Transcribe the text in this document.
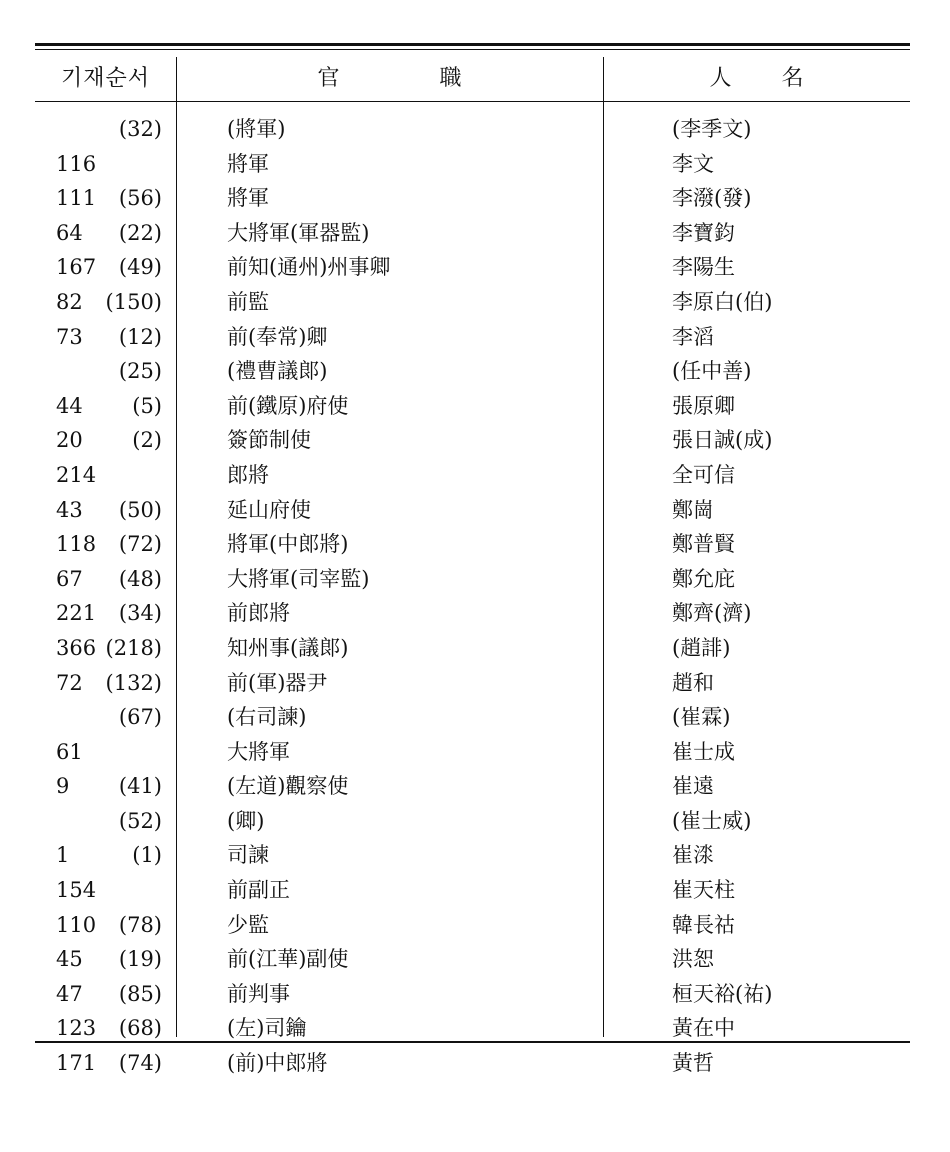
기재순서	官職	人名
(32)	(將軍)	(李季文)
116	將軍	李文
111	(56)	將軍	李潑(發)
64	(22)	大將軍(軍器監)	李寶鈞
167	(49)	前知(通州)州事卿	李陽生
82	(150)	前監	李原白(伯)
73	(12)	前(奉常)卿	李滔
(25)	(禮曹議郞)	(任中善)
44	(5)	前(鐵原)府使	張原卿
20	(2)	簽節制使	張日誠(成)
214	郎將	全可信
43	(50)	延山府使	鄭崗
118	(72)	將軍(中郎將)	鄭普賢
67	(48)	大將軍(司宰監)	鄭允庇
221	(34)	前郎將	鄭齊(濟)
366 (218)	知州事(議郞)	(趙誹)
72	(132)	前(軍)器尹	趙和
(67)	(右司諫)	(崔霖)
61	大將軍	崔士成
9	(41)	(左道)觀察使	崔遠
(52)	(卿)	(崔士威)
1	(1)	司諫	崔渁
154	前副正	崔天柱
110	(78)	少監	韓長祜
45	(19)	前(江華)副使	洪恕
47	(85)	前判事	桓天裕(祐)
123	(68)	(左)司鑰	黃在中
171	(74)	(前)中郎將	黃哲
